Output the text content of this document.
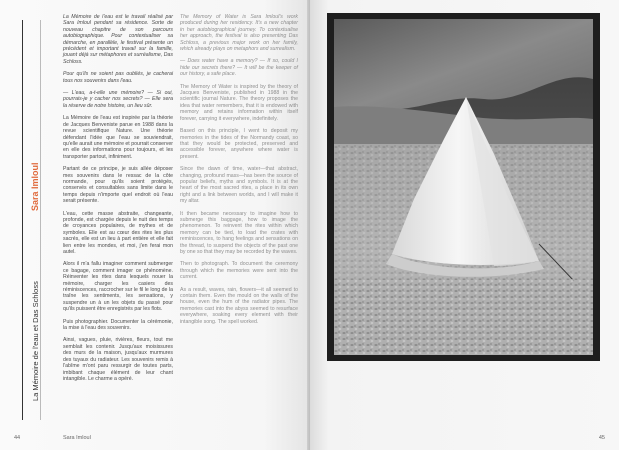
La Mémoire de l'eau et Das Schloss
Sara Imloul

La Mémoire de l'eau est le travail réalisé par Sara Imloul pendant sa résidence. Sorte de nouveau chapitre de son parcours autobiographique. Pour contextualiser sa démarche, en parallèle, le festival présente un précédent et important travail sur la famille, jouant déjà sur métaphores et surréalisme, Das Schloss.

Pour qu'ils ne soient pas oubliés, je cacherai tous nos souvenirs dans l'eau.

— L'eau, a-t-elle une mémoire? — Si oui, pourrais-je y cacher nos secrets? — Elle sera la réserve de notre histoire, un lieu sûr.

La Mémoire de l'eau est inspirée par la théorie de Jacques Benveniste parue en 1988 dans la revue scientifique Nature. Une théorie défendant l'idée que l'eau se souviendrait, qu'elle aurait une mémoire et pourrait conserver en elle des informations pour toujours, et les transporter partout, infiniment.

Partant de ce principe, je suis allée déposer mes souvenirs dans le ressac de la côte normande, pour qu'ils soient protégés, conservés et consultables sans limite dans le temps depuis n'importe quel endroit où l'eau serait présente.

L'eau, cette masse abstraite, changeante, profonde, est chargée depuis le nuit des temps de croyances populaires, de mythes et de symboles. Elle est au cœur des rites les plus sacrés, elle est un lieu à part entière et elle fait lien entre les mondes, et moi, j'en ferai mon autel.

Alors il m'a fallu imaginer comment submerger ce bagage, comment imager ce phénomène. Réinventer les rites dans lesquels nouer la mémoire, charger les casiers des réminiscences, raccrocher sur le fil le long de la traîne les sentiments, les sensations, y suspendre un à un les objets du passé pour qu'ils puissent être enregistrés par les flots.

Puis photographier. Documenter la cérémonie, la mise à l'eau des souvenirs.

Ainsi, vagues, pluie, rivières, fleurs, tout me semblait les contenir. Jusqu'aux moisissures des murs de la maison, jusqu'aux murmures des tuyaux du radiateur. Les souvenirs remis à l'abîme m'ont paru ressurgir de toutes parts, imbibant chaque élément de leur chant intangible. Le charme a opéré.

The Memory of Water is Sara Imloul's work produced during her residency. It's a new chapter in her autobiographical journey. To contextualise her approach, the festival is also presenting Das Schloss, a previous major work on her family, which already plays on metaphors and surrealism.

— Does water have a memory? — If so, could I hide our secrets there? — It will be the keeper of our history, a safe place.

The Memory of Water is inspired by the theory of Jacques Benveniste, published in 1988 in the scientific journal Nature. The theory proposes the idea that water remembers, that it is endowed with memory and retains information within itself forever, carrying it everywhere, indefinitely.

Based on this principle, I went to deposit my memories in the tides of the Normandy coast, so that they would be protected, preserved and accessible forever, anywhere where water is present.

Since the dawn of time, water—that abstract, changing, profound mass—has been the source of popular beliefs, myths and symbols. It is at the heart of the most sacred rites, a place in its own right and a link between worlds, and I will make it my altar.

It then became necessary to imagine how to submerge this baggage, how to image the phenomenon. To reinvent the rites within which memory can be tied, to load the crates with reminiscences, to hang feelings and sensations on the thread, to suspend the objects of the past one by one so that they may be recorded by the waves.

Then to photograph. To document the ceremony through which the memories were sent into the current.

As a result, waves, rain, flowers—it all seemed to contain them. Even the mould on the walls of the house, even the hum of the radiator pipes. The memories cast into the abyss seemed to resurface everywhere, soaking every element with their intangible song. The spell worked.

44	Sara Imloul	45
